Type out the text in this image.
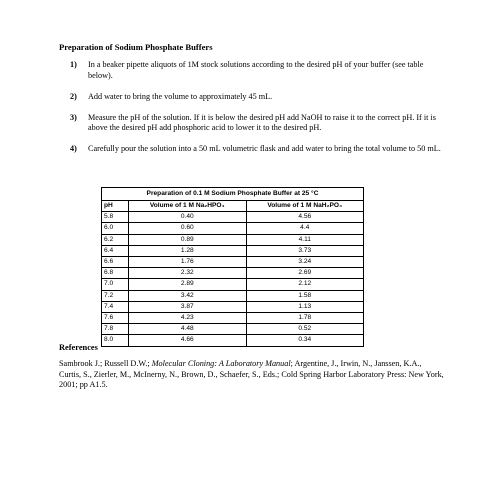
Preparation of Sodium Phosphate Buffers
1) In a beaker pipette aliquots of 1M stock solutions according to the desired pH of your buffer (see table below).
2) Add water to bring the volume to approximately 45 mL.
3) Measure the pH of the solution. If it is below the desired pH add NaOH to raise it to the correct pH. If it is above the desired pH add phosphoric acid to lower it to the desired pH.
4) Carefully pour the solution into a 50 mL volumetric flask and add water to bring the total volume to 50 mL.
Preparation of 0.1 M Sodium Phosphate Buffer at 25 °C		
pH	Volume of 1 M Na₂HPO₄	Volume of 1 M NaH₂PO₄
5.8	0.40	4.56
6.0	0.60	4.4
6.2	0.89	4.11
6.4	1.28	3.73
6.6	1.76	3.24
6.8	2.32	2.69
7.0	2.89	2.12
7.2	3.42	1.58
7.4	3.87	1.13
7.6	4.23	1.78
7.8	4.48	0.52
8.0	4.66	0.34
References
Sambrook J.; Russell D.W.; Molecular Cloning: A Laboratory Manual; Argentine, J., Irwin, N., Janssen, K.A., Curtis, S., Zierler, M., McInerny, N., Brown, D., Schaefer, S., Eds.; Cold Spring Harbor Laboratory Press: New York, 2001; pp A1.5.
